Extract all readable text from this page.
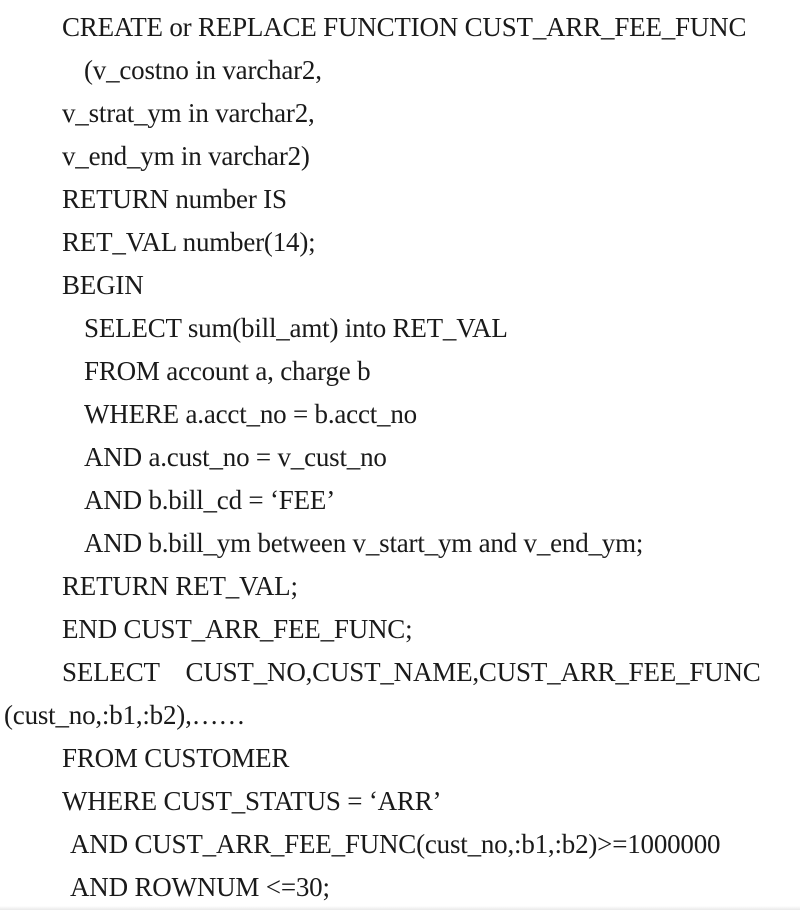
CREATE or REPLACE FUNCTION CUST_ARR_FEE_FUNC
(v_costno in varchar2,
v_strat_ym in varchar2,
v_end_ym in varchar2)
RETURN number IS
RET_VAL number(14);
BEGIN
SELECT sum(bill_amt) into RET_VAL
FROM account a, charge b
WHERE a.acct_no = b.acct_no
AND a.cust_no = v_cust_no
AND b.bill_cd = ‘FEE’
AND b.bill_ym between v_start_ym and v_end_ym;
RETURN RET_VAL;
END CUST_ARR_FEE_FUNC;
SELECT    CUST_NO,CUST_NAME,CUST_ARR_FEE_FUNC
(cust_no,:b1,:b2),……
FROM CUSTOMER
WHERE CUST_STATUS = ‘ARR’
AND CUST_ARR_FEE_FUNC(cust_no,:b1,:b2)>=1000000
AND ROWNUM <=30;
